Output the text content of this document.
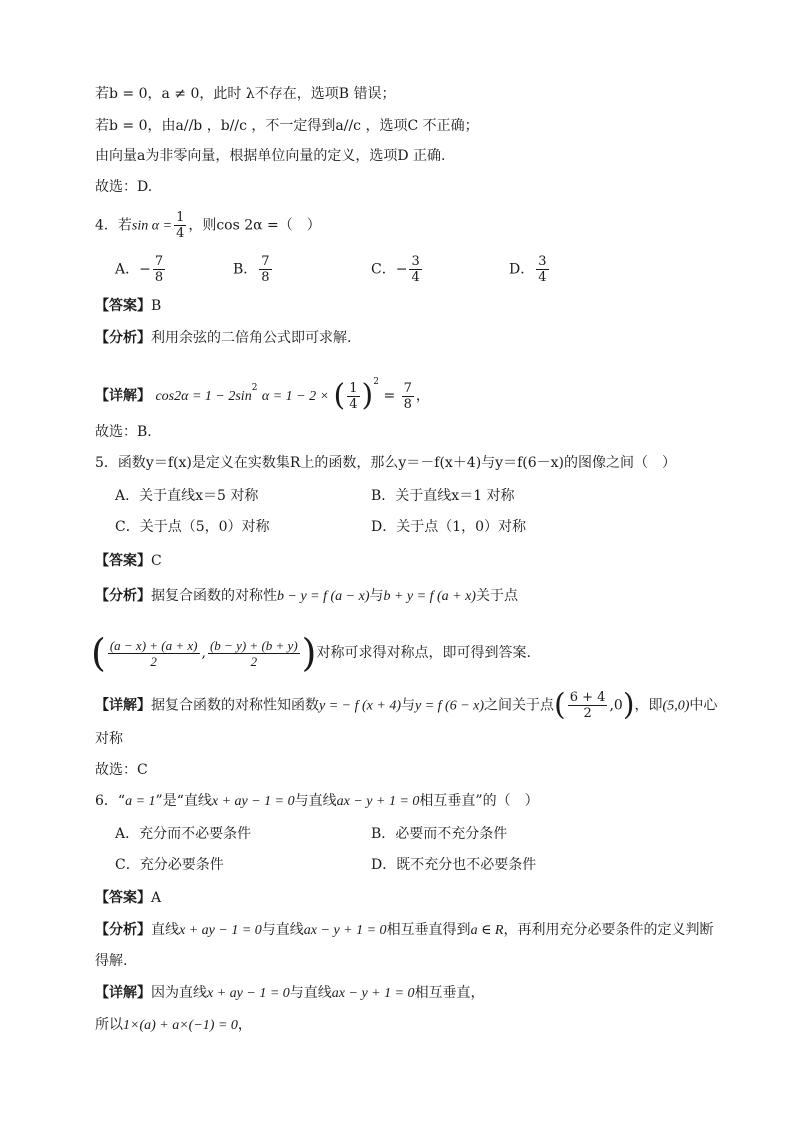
若b = 0，a ≠ 0，此时 λ不存在，选项B 错误；
若b = 0，由a//b ，b//c ，不一定得到a//c ，选项C 不正确；
由向量a为非零向量，根据单位向量的定义，选项D 正确.
故选：D.
4．若$\sin \alpha = \frac{1}{4}$ ，则cos 2α =（　）
A．− $\frac{7}{8}$	B． $\frac{7}{8}$	C．− $\frac{3}{4}$	D． $\frac{3}{4}$
【答案】B
【分析】利用余弦的二倍角公式即可求解.
【详解】 $\cos 2\alpha = 1 - 2\sin^2$ α = 1 − 2 × ( $\frac{1}{4} )^2 = \frac{7}{8}$ ，
故选：B.
5．函数y＝f(x)是定义在实数集R上的函数，那么y＝－f(x＋4)与y＝f(6－x)的图像之间（　）
A．关于直线x＝5 对称	B．关于直线x＝1 对称
C．关于点（5，0）对称	D．关于点（1，0）对称
【答案】C
【分析】据复合函数的对称性b − y = f (a − x)与b + y = f (a + x)关于点
( $\frac{(a - x) + (a + x)}{2}$ , $\frac{(b - y) + (b + y)}{2}$ )对称可求得对称点，即可得到答案.
【详解】据复合函数的对称性知函数y = − f (x + 4)与y = f (6 − x)之间关于点( $\frac{6 + 4}{2} ,0$)，即(5,0)中心
对称
故选：C
6．“a = 1”是“直线x + ay − 1 = 0与直线ax − y + 1 = 0相互垂直”的（　）
A．充分而不必要条件	B．必要而不充分条件
C．充分必要条件	D．既不充分也不必要条件
【答案】A
【分析】直线x + ay − 1 = 0与直线ax − y + 1 = 0相互垂直得到a ∈ R，再利用充分必要条件的定义判断
得解.
【详解】因为直线x + ay − 1 = 0与直线ax − y + 1 = 0相互垂直，
所以1×(a) + a×(−1) = 0，
